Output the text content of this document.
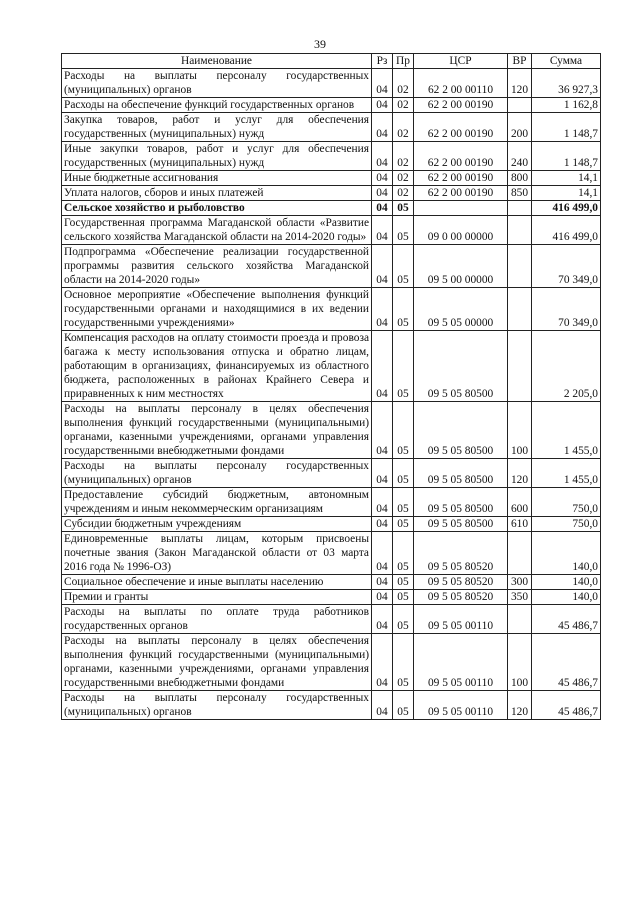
39
Наименование	Рз	Пр	ЦСР	ВР	Сумма
Расходы на выплаты персоналу государственных (муниципальных) органов	04	02	62 2 00 00110	120	36 927,3
Расходы на обеспечение функций государственных органов	04	02	62 2 00 00190		1 162,8
Закупка товаров, работ и услуг для обеспечения государственных (муниципальных) нужд	04	02	62 2 00 00190	200	1 148,7
Иные закупки товаров, работ и услуг для обеспечения государственных (муниципальных) нужд	04	02	62 2 00 00190	240	1 148,7
Иные бюджетные ассигнования	04	02	62 2 00 00190	800	14,1
Уплата налогов, сборов и иных платежей	04	02	62 2 00 00190	850	14,1
Сельское хозяйство и рыболовство	04	05			416 499,0
Государственная программа Магаданской области «Развитие сельского хозяйства Магаданской области на 2014-2020 годы»	04	05	09 0 00 00000		416 499,0
Подпрограмма «Обеспечение реализации государственной программы развития сельского хозяйства Магаданской области на 2014-2020 годы»	04	05	09 5 00 00000		70 349,0
Основное мероприятие «Обеспечение выполнения функций государственными органами и находящимися в их ведении государственными учреждениями»	04	05	09 5 05 00000		70 349,0
Компенсация расходов на оплату стоимости проезда и провоза багажа к месту использования отпуска и обратно лицам, работающим в организациях, финансируемых из областного бюджета, расположенных в районах Крайнего Севера и приравненных к ним местностях	04	05	09 5 05 80500		2 205,0
Расходы на выплаты персоналу в целях обеспечения выполнения функций государственными (муниципальными) органами, казенными учреждениями, органами управления государственными внебюджетными фондами	04	05	09 5 05 80500	100	1 455,0
Расходы на выплаты персоналу государственных (муниципальных) органов	04	05	09 5 05 80500	120	1 455,0
Предоставление субсидий бюджетным, автономным учреждениям и иным некоммерческим организациям	04	05	09 5 05 80500	600	750,0
Субсидии бюджетным учреждениям	04	05	09 5 05 80500	610	750,0
Единовременные выплаты лицам, которым присвоены почетные звания (Закон Магаданской области от 03 марта 2016 года № 1996-ОЗ)	04	05	09 5 05 80520		140,0
Социальное обеспечение и иные выплаты населению	04	05	09 5 05 80520	300	140,0
Премии и гранты	04	05	09 5 05 80520	350	140,0
Расходы на выплаты по оплате труда работников государственных органов	04	05	09 5 05 00110		45 486,7
Расходы на выплаты персоналу в целях обеспечения выполнения функций государственными (муниципальными) органами, казенными учреждениями, органами управления государственными внебюджетными фондами	04	05	09 5 05 00110	100	45 486,7
Расходы на выплаты персоналу государственных (муниципальных) органов	04	05	09 5 05 00110	120	45 486,7
